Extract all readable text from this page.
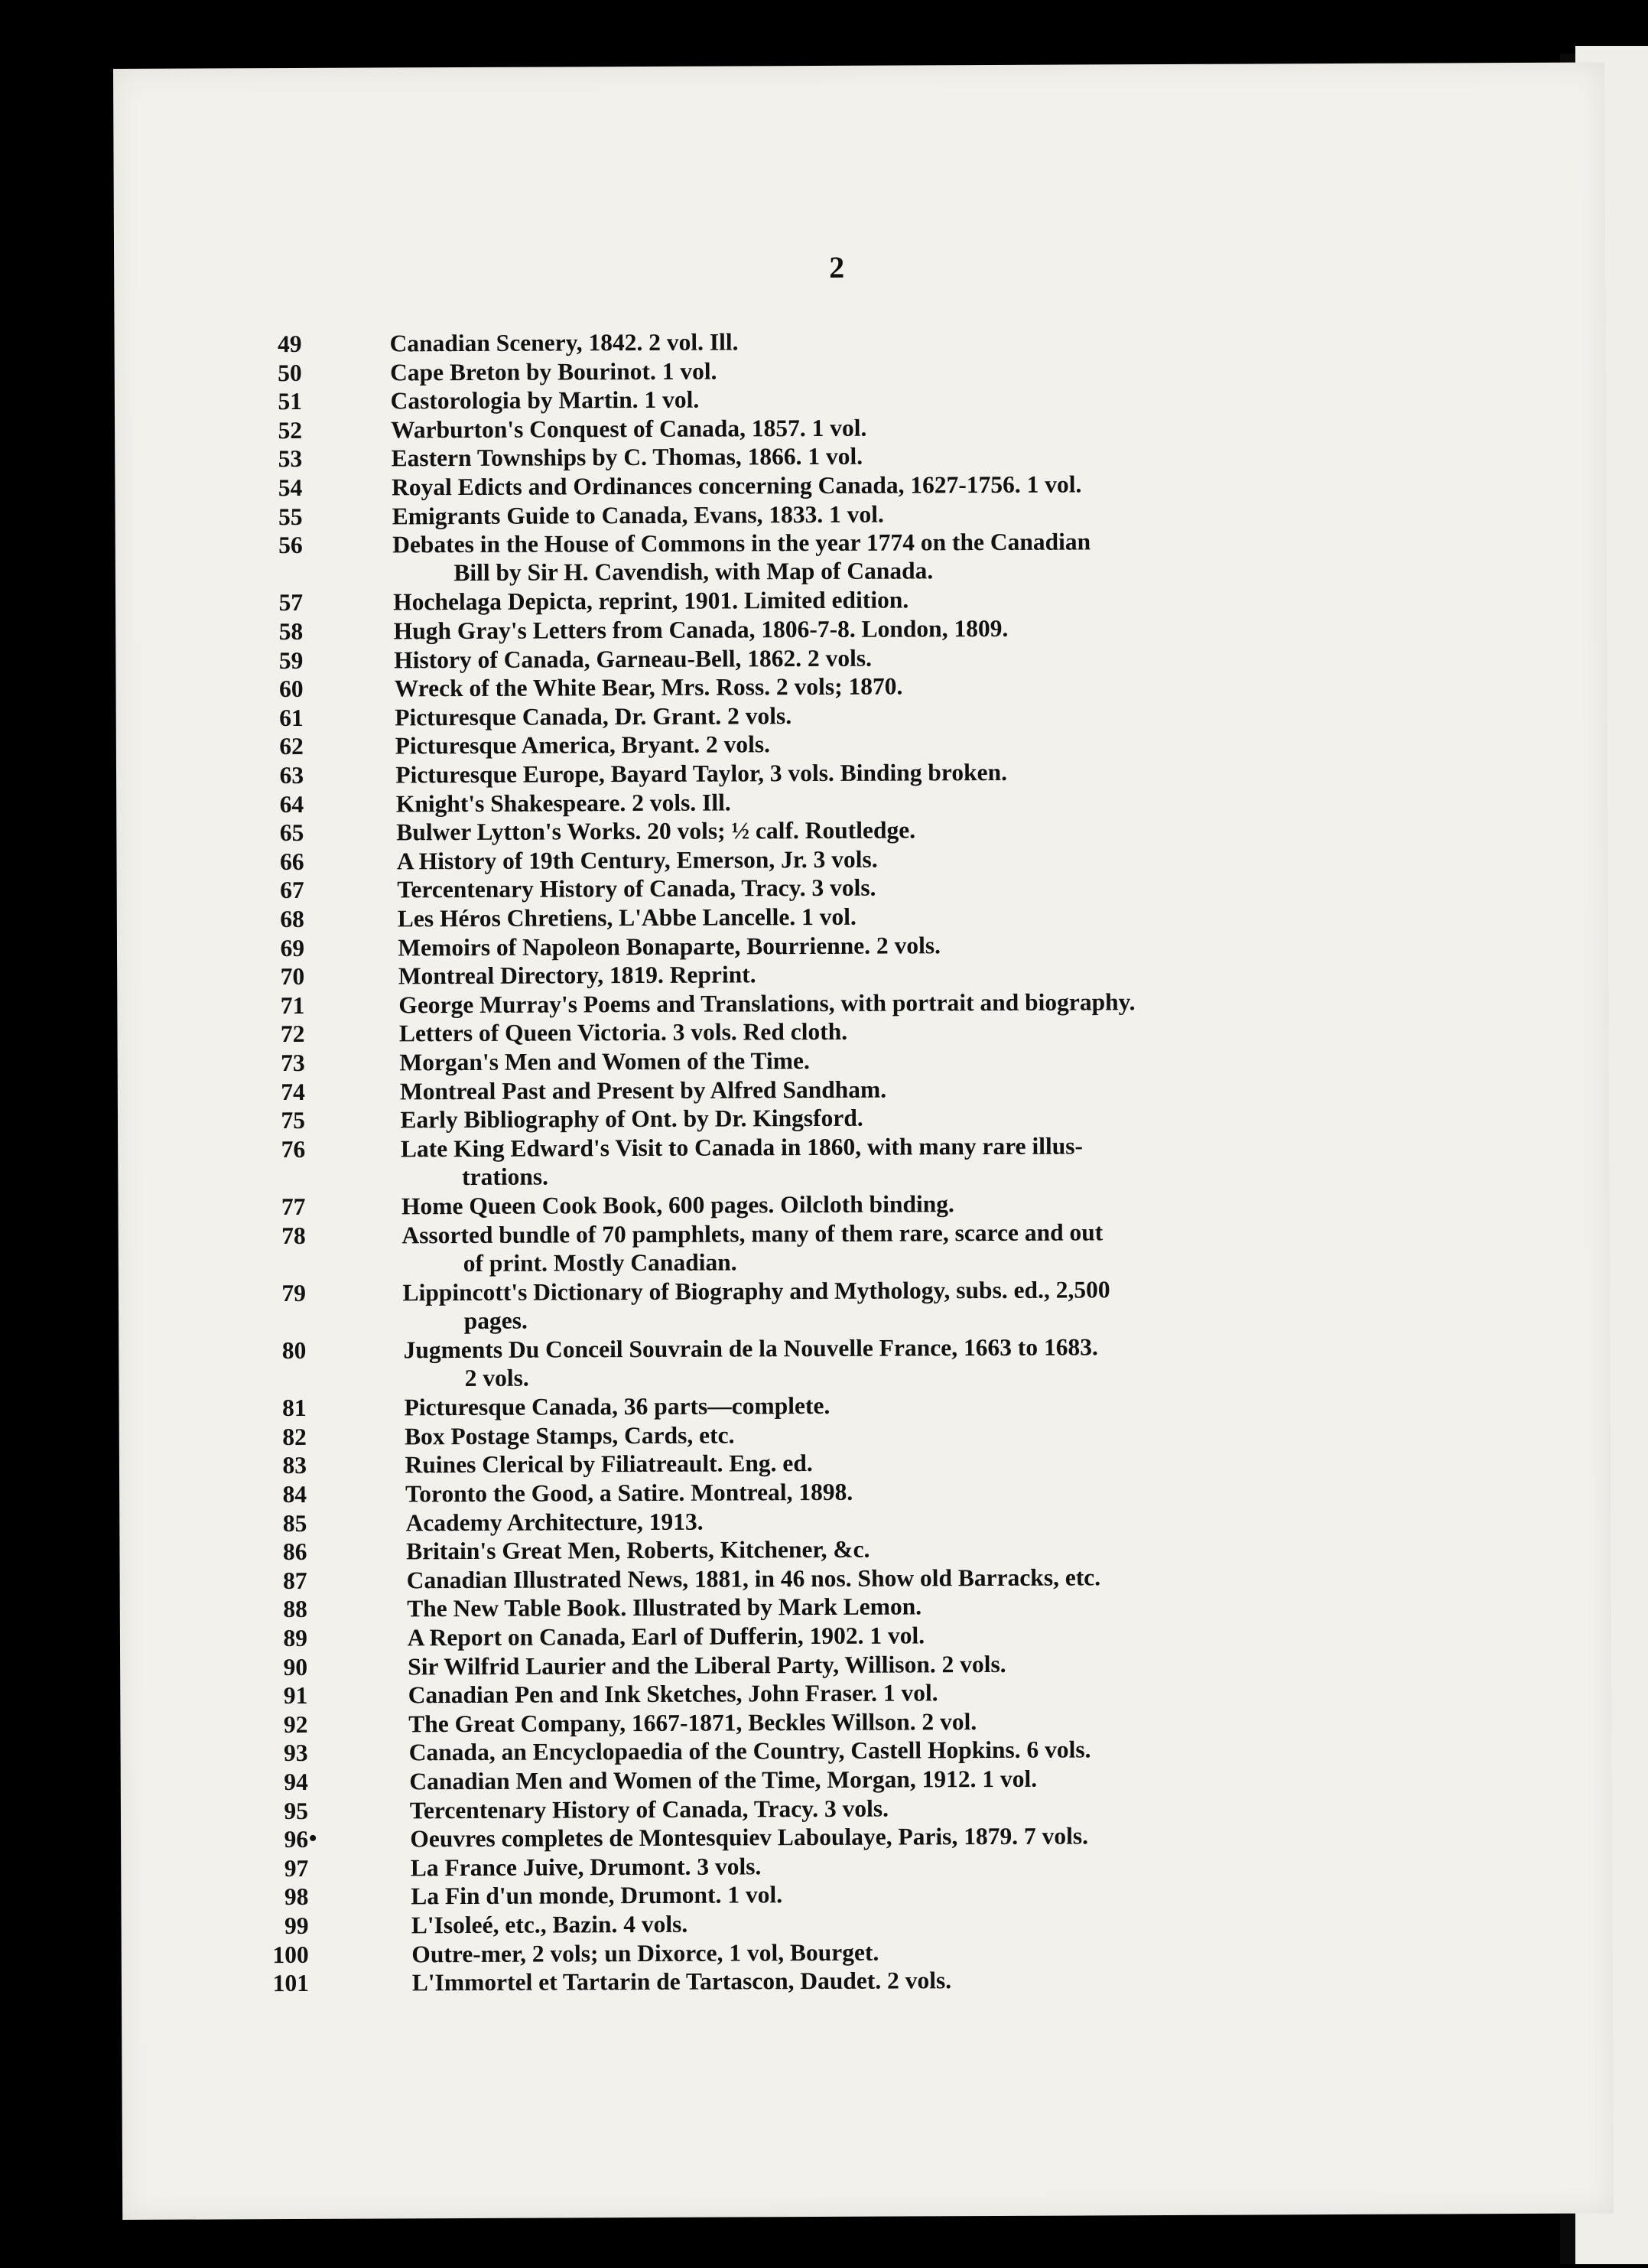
2
49	Canadian Scenery, 1842. 2 vol. Ill.
50	Cape Breton by Bourinot. 1 vol.
51	Castorologia by Martin. 1 vol.
52	Warburton's Conquest of Canada, 1857. 1 vol.
53	Eastern Townships by C. Thomas, 1866. 1 vol.
54	Royal Edicts and Ordinances concerning Canada, 1627-1756. 1 vol.
55	Emigrants Guide to Canada, Evans, 1833. 1 vol.
56	Debates in the House of Commons in the year 1774 on the Canadian
Bill by Sir H. Cavendish, with Map of Canada.
57	Hochelaga Depicta, reprint, 1901. Limited edition.
58	Hugh Gray's Letters from Canada, 1806-7-8. London, 1809.
59	History of Canada, Garneau-Bell, 1862. 2 vols.
60	Wreck of the White Bear, Mrs. Ross. 2 vols; 1870.
61	Picturesque Canada, Dr. Grant. 2 vols.
62	Picturesque America, Bryant. 2 vols.
63	Picturesque Europe, Bayard Taylor, 3 vols. Binding broken.
64	Knight's Shakespeare. 2 vols. Ill.
65	Bulwer Lytton's Works. 20 vols; ½ calf. Routledge.
66	A History of 19th Century, Emerson, Jr. 3 vols.
67	Tercentenary History of Canada, Tracy. 3 vols.
68	Les Héros Chretiens, L'Abbe Lancelle. 1 vol.
69	Memoirs of Napoleon Bonaparte, Bourrienne. 2 vols.
70	Montreal Directory, 1819. Reprint.
71	George Murray's Poems and Translations, with portrait and biography.
72	Letters of Queen Victoria. 3 vols. Red cloth.
73	Morgan's Men and Women of the Time.
74	Montreal Past and Present by Alfred Sandham.
75	Early Bibliography of Ont. by Dr. Kingsford.
76	Late King Edward's Visit to Canada in 1860, with many rare illus-
trations.
77	Home Queen Cook Book, 600 pages. Oilcloth binding.
78	Assorted bundle of 70 pamphlets, many of them rare, scarce and out
of print. Mostly Canadian.
79	Lippincott's Dictionary of Biography and Mythology, subs. ed., 2,500
pages.
80	Jugments Du Conceil Souvrain de la Nouvelle France, 1663 to 1683.
2 vols.
81	Picturesque Canada, 36 parts—complete.
82	Box Postage Stamps, Cards, etc.
83	Ruines Clerical by Filiatreault. Eng. ed.
84	Toronto the Good, a Satire. Montreal, 1898.
85	Academy Architecture, 1913.
86	Britain's Great Men, Roberts, Kitchener, &c.
87	Canadian Illustrated News, 1881, in 46 nos. Show old Barracks, etc.
88	The New Table Book. Illustrated by Mark Lemon.
89	A Report on Canada, Earl of Dufferin, 1902. 1 vol.
90	Sir Wilfrid Laurier and the Liberal Party, Willison. 2 vols.
91	Canadian Pen and Ink Sketches, John Fraser. 1 vol.
92	The Great Company, 1667-1871, Beckles Willson. 2 vol.
93	Canada, an Encyclopaedia of the Country, Castell Hopkins. 6 vols.
94	Canadian Men and Women of the Time, Morgan, 1912. 1 vol.
95	Tercentenary History of Canada, Tracy. 3 vols.
96	Oeuvres completes de Montesquiev Laboulaye, Paris, 1879. 7 vols.
97	La France Juive, Drumont. 3 vols.
98	La Fin d'un monde, Drumont. 1 vol.
99	L'Isoleé, etc., Bazin. 4 vols.
100	Outre-mer, 2 vols; un Dixorce, 1 vol, Bourget.
101	L'Immortel et Tartarin de Tartascon, Daudet. 2 vols.
